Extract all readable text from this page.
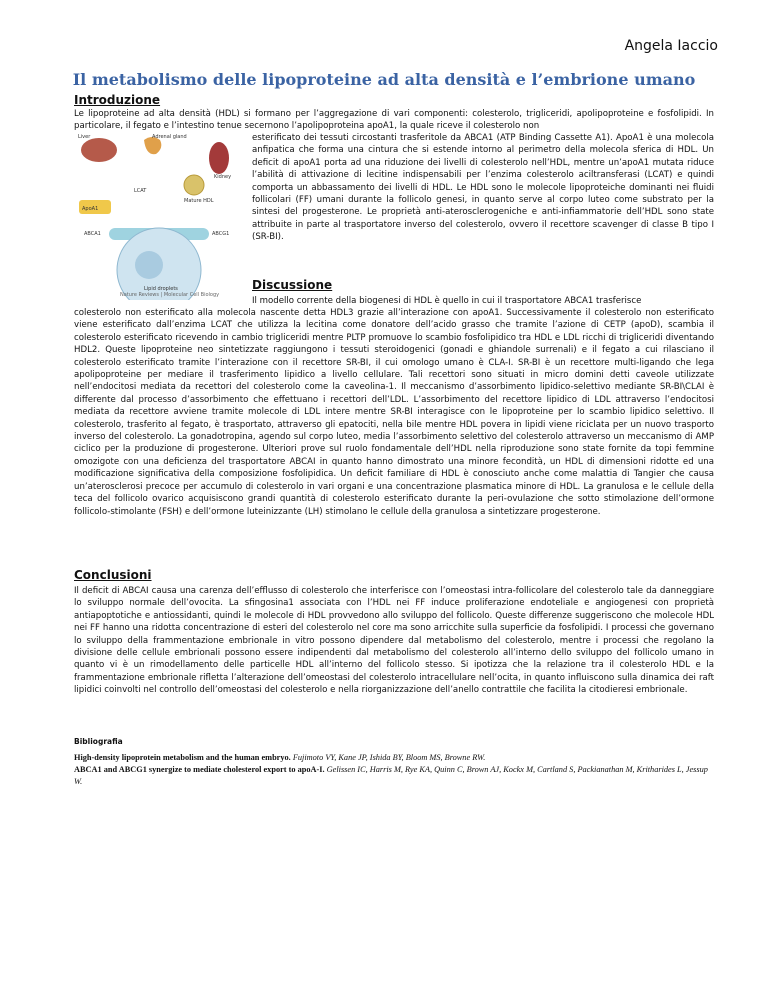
Angela Iaccio
Il metabolismo delle lipoproteine ad alta densità e l’embrione umano
Introduzione

Le lipoproteine ad alta densità (HDL) si formano per l’aggregazione di vari componenti: colesterolo, trigliceridi, apolipoproteine e fosfolipidi. In particolare, il fegato e l’intestino tenue secernono l’apolipoproteina apoA1, la quale riceve il colesterolo non

Liver	Adrenal gland
Kidney
Mature HDL
LCAT
ApoA1
ABCA1	ABCG1
Lipid droplets
Nature Reviews | Molecular Cell Biology

esterificato dei tessuti circostanti trasferitole da ABCA1 (ATP Binding Cassette A1). ApoA1 è una molecola anfipatica che forma una cintura che si estende intorno al perimetro della molecola sferica di HDL. Un deficit di apoA1 porta ad una riduzione dei livelli di colesterolo nell’HDL, mentre un’apoA1 mutata riduce l’abilità di attivazione di lecitine indispensabili per l’enzima colesterolo aciltransferasi (LCAT) e quindi comporta un abbassamento dei livelli di HDL. Le HDL sono le molecole lipoproteiche dominanti nei fluidi follicolari (FF) umani durante la follicolo genesi, in quanto serve al corpo luteo come substrato per la sintesi del progesterone. Le proprietà anti-aterosclerogeniche e anti-infiammatorie dell’HDL sono state attribuite in parte al trasportatore inverso del colesterolo, ovvero il recettore scavenger di classe B tipo I (SR-BI).

Discussione

Il modello corrente della biogenesi di HDL è quello in cui il trasportatore ABCA1 trasferisce

colesterolo non esterificato alla molecola nascente detta HDL3 grazie all’interazione con apoA1. Successivamente il colesterolo non esterificato viene esterificato dall’enzima LCAT che utilizza la lecitina come donatore dell’acido grasso che tramite l’azione di CETP (apoD), scambia il colesterolo esterificato ricevendo in cambio trigliceridi mentre PLTP promuove lo scambio fosfolipidico tra HDL e LDL ricchi di trigliceridi diventando HDL2. Queste lipoproteine neo sintetizzate raggiungono i tessuti steroidogenici (gonadi e ghiandole surrenali) e il fegato a cui rilasciano il colesterolo esterificato tramite l’interazione con il recettore SR-BI, il cui omologo umano è CLA-I. SR-BI è un recettore multi-ligando che lega apolipoproteine per mediare il trasferimento lipidico a livello cellulare. Tali recettori sono situati in micro domini detti caveole utilizzate nell’endocitosi mediata da recettori del colesterolo come la caveolina-1. Il meccanismo d’assorbimento lipidico-selettivo mediante SR-BI\CLAI è differente dal processo d’assorbimento che effettuano i recettori dell’LDL. L’assorbimento del recettore lipidico di LDL attraverso l’endocitosi mediata da recettore avviene tramite molecole di LDL intere mentre SR-BI interagisce con le lipoproteine per lo scambio lipidico selettivo. Il colesterolo, trasferito al fegato, è trasportato, attraverso gli epatociti, nella bile mentre HDL povera in lipidi viene riciclata per un nuovo trasporto inverso del colesterolo. La gonadotropina, agendo sul corpo luteo, media l’assorbimento selettivo del colesterolo attraverso un meccanismo di AMP ciclico per la produzione di progesterone. Ulteriori prove sul ruolo fondamentale dell’HDL nella riproduzione sono state fornite da topi femmine omozigote con una deficienza del trasportatore ABCAI in quanto hanno dimostrato una minore fecondità, un HDL di dimensioni ridotte ed una modificazione significativa della composizione fosfolipidica. Un deficit familiare di HDL è conosciuto anche come malattia di Tangier che causa un’aterosclerosi precoce per accumulo di colesterolo in vari organi e una concentrazione plasmatica minore di HDL. La granulosa e le cellule della teca del follicolo ovarico acquisiscono grandi quantità di colesterolo esterificato durante la peri-ovulazione che sotto stimolazione dell’ormone follicolo-stimolante (FSH) e dell’ormone luteinizzante (LH) stimolano le cellule della granulosa a sintetizzare progesterone.

Conclusioni

Il deficit di ABCAI causa una carenza dell’efflusso di colesterolo che interferisce con l’omeostasi intra-follicolare del colesterolo tale da danneggiare lo sviluppo normale dell’ovocita. La sfingosina1 associata con l’HDL nei FF induce proliferazione endoteliale e angiogenesi con proprietà antiapoptotiche e antiossidanti, quindi le molecole di HDL provvedono allo sviluppo del follicolo. Queste differenze suggeriscono che molecole HDL nei FF hanno una ridotta concentrazione di esteri del colesterolo nel core ma sono arricchite sulla superficie da fosfolipidi. I processi che governano lo sviluppo della frammentazione embrionale in vitro possono dipendere dal metabolismo del colesterolo, mentre i processi che regolano la divisione delle cellule embrionali possono essere indipendenti dal metabolismo del colesterolo all’interno dello sviluppo del follicolo umano in quanto vi è un rimodellamento delle particelle HDL all’interno del follicolo stesso. Si ipotizza che la relazione tra il colesterolo HDL e la frammentazione embrionale rifletta l’alterazione dell’omeostasi del colesterolo intracellulare nell’ocita, in quanto influiscono sulla dinamica dei raft lipidici coinvolti nel controllo dell’omeostasi del colesterolo e nella riorganizzazione dell’anello contrattile che facilita la citodieresi embrionale.

Bibliografia
High-density lipoprotein metabolism and the human embryo. Fujimoto VY, Kane JP, Ishida BY, Bloom MS, Browne RW.
ABCA1 and ABCG1 synergize to mediate cholesterol export to apoA-I. Gelissen IC, Harris M, Rye KA, Quinn C, Brown AJ, Kockx M, Cartland S, Packianathan M, Kritharides L, Jessup W.
